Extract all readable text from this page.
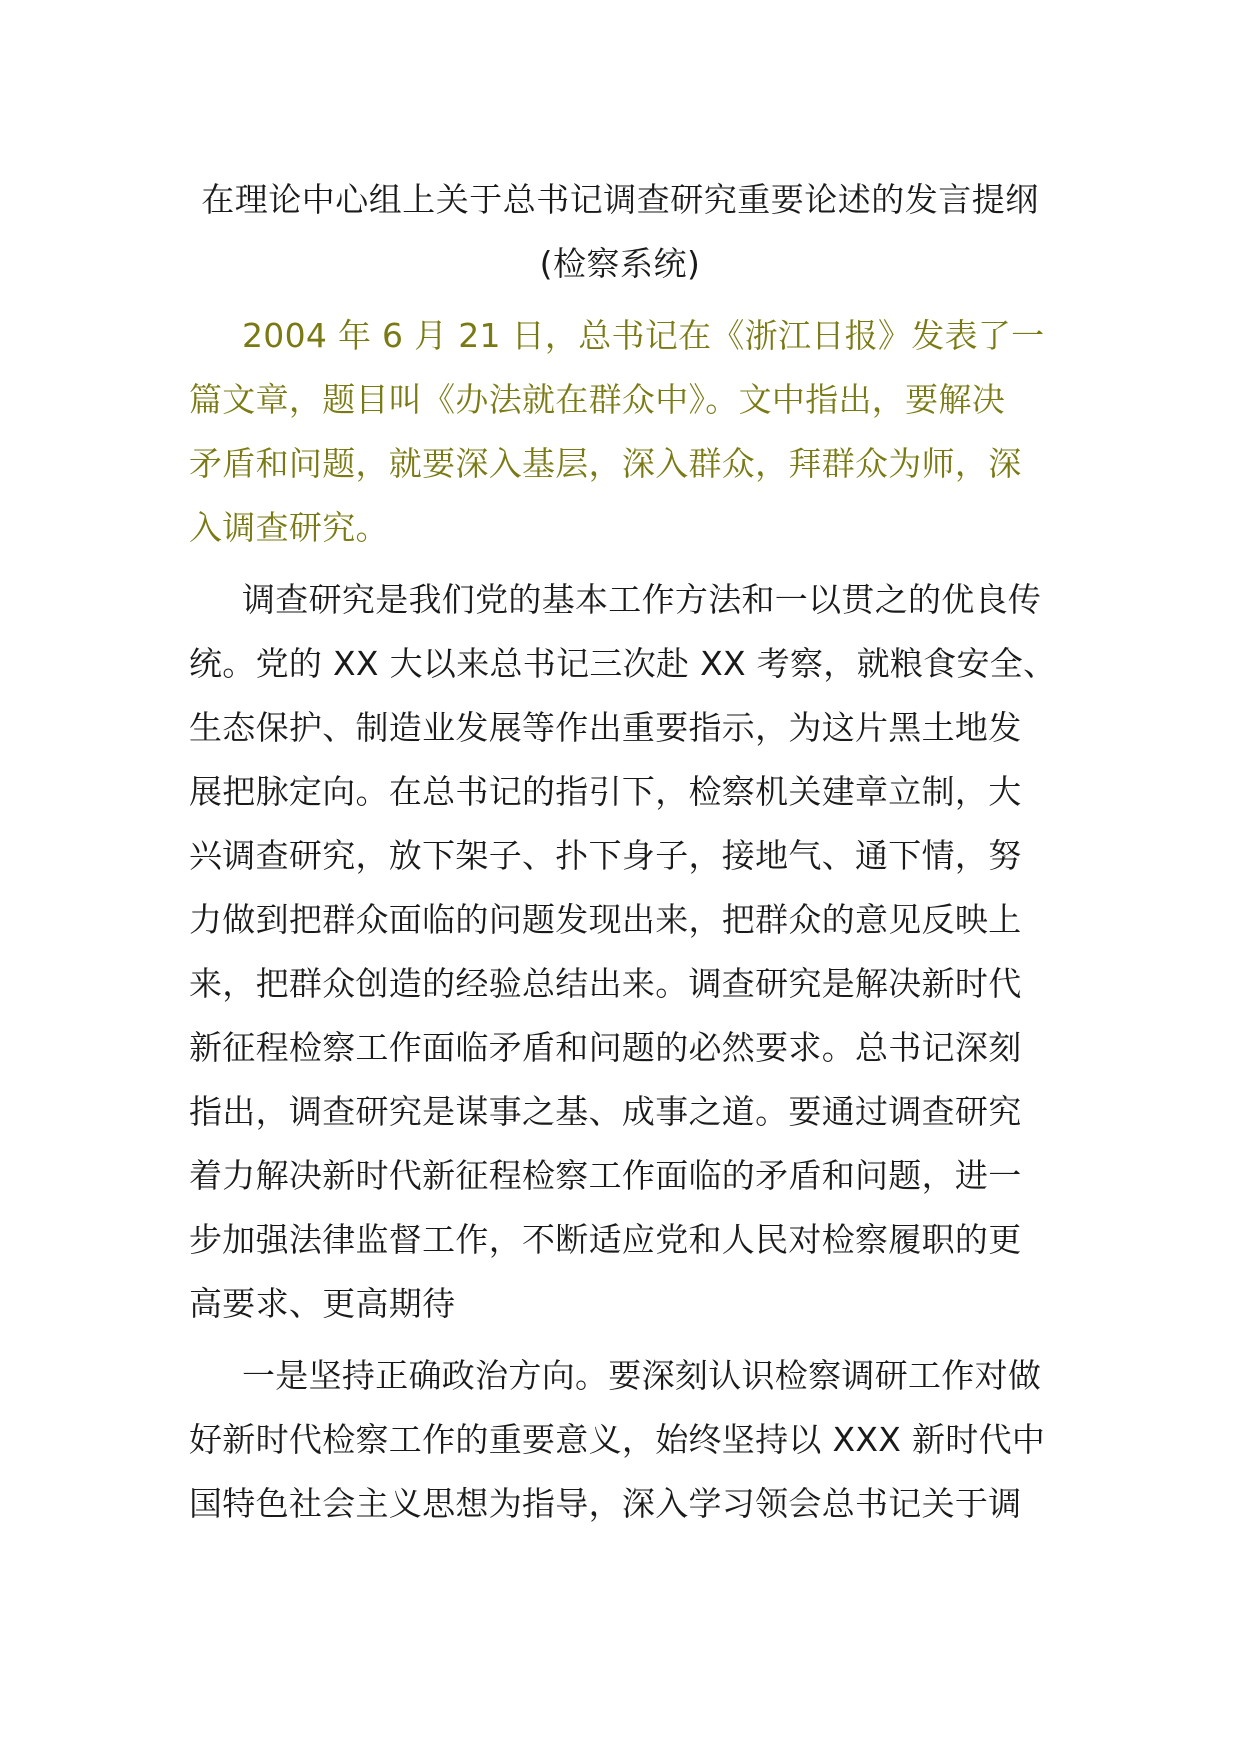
在理论中心组上关于总书记调查研究重要论述的发言提纲
(检察系统)
2004 年 6 月 21 日，总书记在《浙江日报》发表了一
篇文章，题目叫《办法就在群众中》。文中指出，要解决
矛盾和问题，就要深入基层，深入群众，拜群众为师，深
入调查研究。
调查研究是我们党的基本工作方法和一以贯之的优良传
统。党的 XX 大以来总书记三次赴 XX 考察，就粮食安全、
生态保护、制造业发展等作出重要指示，为这片黑土地发
展把脉定向。在总书记的指引下，检察机关建章立制，大
兴调查研究，放下架子、扑下身子，接地气、通下情，努
力做到把群众面临的问题发现出来，把群众的意见反映上
来，把群众创造的经验总结出来。调查研究是解决新时代
新征程检察工作面临矛盾和问题的必然要求。总书记深刻
指出，调查研究是谋事之基、成事之道。要通过调查研究
着力解决新时代新征程检察工作面临的矛盾和问题，进一
步加强法律监督工作，不断适应党和人民对检察履职的更
高要求、更高期待
一是坚持正确政治方向。要深刻认识检察调研工作对做
好新时代检察工作的重要意义，始终坚持以 XXX 新时代中
国特色社会主义思想为指导，深入学习领会总书记关于调
